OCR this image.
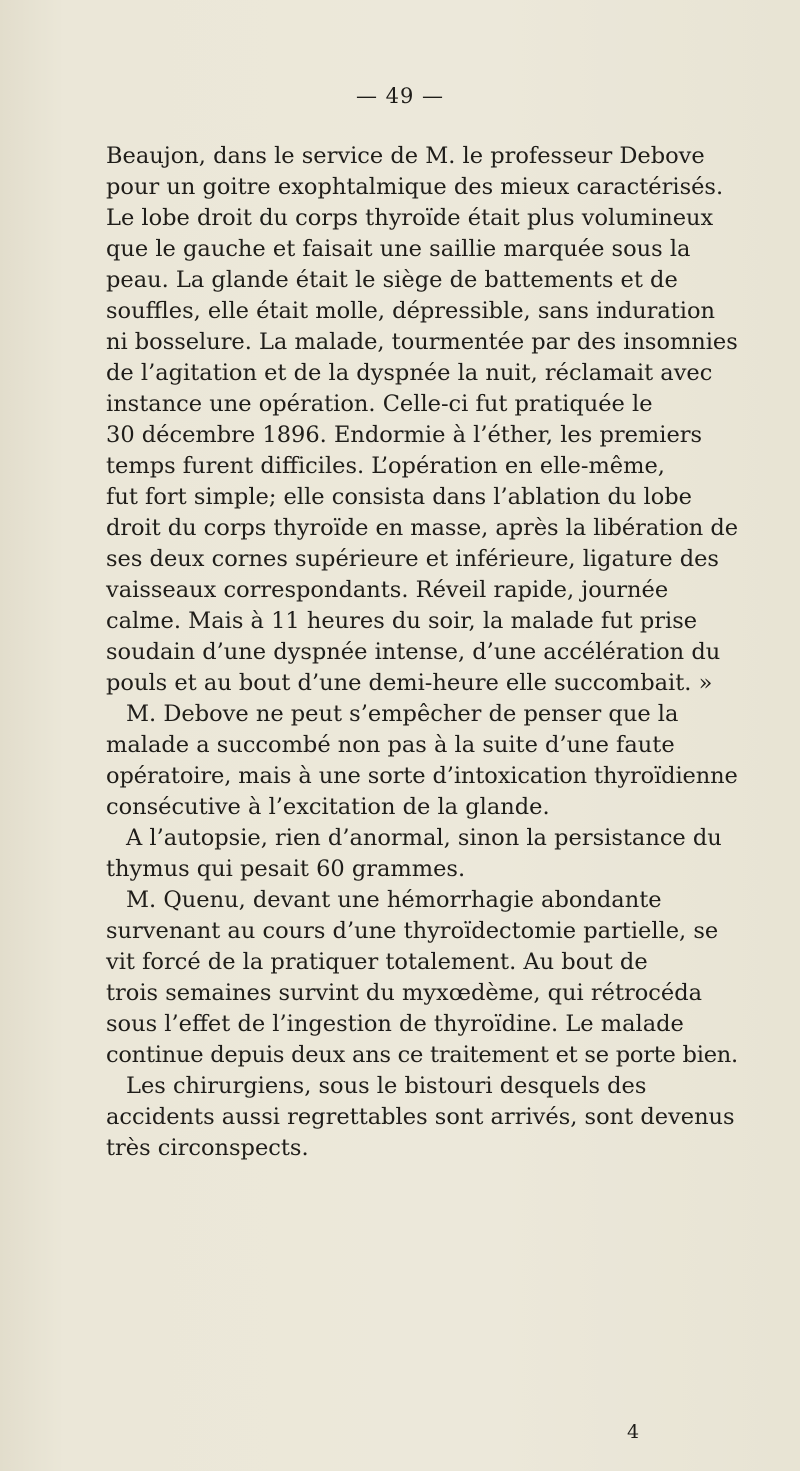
— 49 —
Beaujon, dans le service de M. le professeur Debove
pour un goitre exophtalmique des mieux caractérisés.
Le lobe droit du corps thyroïde était plus volumineux
que le gauche et faisait une saillie marquée sous la
peau. La glande était le siège de battements et de
souffles, elle était molle, dépressible, sans induration
ni bosselure. La malade, tourmentée par des insomnies
de l’agitation et de la dyspnée la nuit, réclamait avec
instance une opération. Celle-ci fut pratiquée le
30 décembre 1896. Endormie à l’éther, les premiers
temps furent difficiles. L’opération en elle-même,
fut fort simple; elle consista dans l’ablation du lobe
droit du corps thyroïde en masse, après la libération de
ses deux cornes supérieure et inférieure, ligature des
vaisseaux correspondants. Réveil rapide, journée
calme. Mais à 11 heures du soir, la malade fut prise
soudain d’une dyspnée intense, d’une accélération du
pouls et au bout d’une demi-heure elle succombait. »
M. Debove ne peut s’empêcher de penser que la
malade a succombé non pas à la suite d’une faute
opératoire, mais à une sorte d’intoxication thyroïdienne
consécutive à l’excitation de la glande.
A l’autopsie, rien d’anormal, sinon la persistance du
thymus qui pesait 60 grammes.
M. Quenu, devant une hémorrhagie abondante
survenant au cours d’une thyroïdectomie partielle, se
vit forcé de la pratiquer totalement. Au bout de
trois semaines survint du myxœdème, qui rétrocéda
sous l’effet de l’ingestion de thyroïdine. Le malade
continue depuis deux ans ce traitement et se porte bien.
Les chirurgiens, sous le bistouri desquels des
accidents aussi regrettables sont arrivés, sont devenus
très circonspects.
4
